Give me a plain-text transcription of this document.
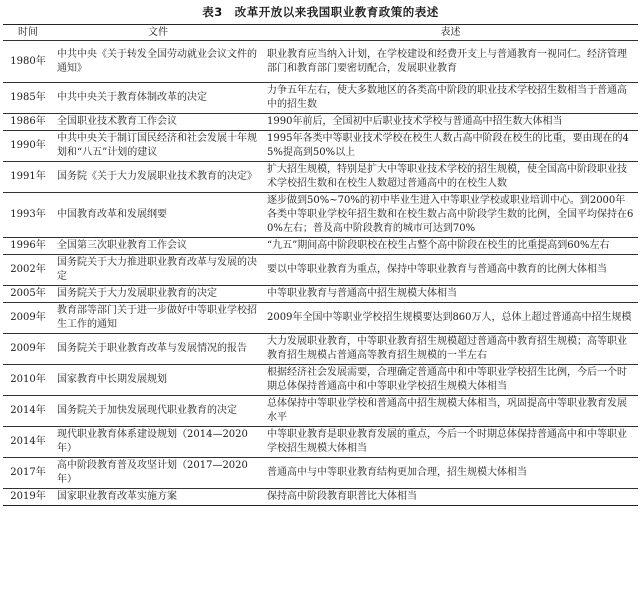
表3　改革开放以来我国职业教育政策的表述
时间	文件	表述
1980年	中共中央《关于转发全国劳动就业会议文件的通知》	职业教育应当纳入计划，在学校建设和经费开支上与普通教育一视同仁。经济管理部门和教育部门要密切配合，发展职业教育
1985年	中共中央关于教育体制改革的决定	力争五年左右，使大多数地区的各类高中阶段的职业技术学校招生数相当于普通高中的招生数
1986年	全国职业技术教育工作会议	1990年前后，全国初中后职业技术学校与普通高中招生数大体相当
1990年	中共中央关于制订国民经济和社会发展十年规划和“八五”计划的建议	1995年各类中等职业技术学校在校生人数占高中阶段在校生的比重，要由现在的45%提高到50%以上
1991年	国务院《关于大力发展职业技术教育的决定》	扩大招生规模，特别是扩大中等职业技术学校的招生规模，使全国高中阶段职业技术学校招生数和在校生人数超过普通高中的在校生人数
1993年	中国教育改革和发展纲要	逐步做到50%~70%的初中毕业生进入中等职业学校或职业培训中心。到2000年各类中等职业学校年招生数和在校生数占高中阶段学生数的比例，全国平均保持在60%左右；普及高中阶段教育的城市可达到70%
1996年	全国第三次职业教育工作会议	“九五”期间高中阶段职校在校生占整个高中阶段在校生的比重提高到60%左右
2002年	国务院关于大力推进职业教育改革与发展的决定	要以中等职业教育为重点，保持中等职业教育与普通高中教育的比例大体相当
2005年	国务院关于大力发展职业教育的决定	中等职业教育与普通高中招生规模大体相当
2009年	教育部等部门关于进一步做好中等职业学校招生工作的通知	2009年全国中等职业学校招生规模要达到860万人，总体上超过普通高中招生规模
2009年	国务院关于职业教育改革与发展情况的报告	大力发展职业教育，中等职业教育招生规模超过普通高中教育招生规模；高等职业教育招生规模占普通高等教育招生规模的一半左右
2010年	国家教育中长期发展规划	根据经济社会发展需要，合理确定普通高中和中等职业学校招生比例，今后一个时期总体保持普通高中和中等职业学校招生规模大体相当
2014年	国务院关于加快发展现代职业教育的决定	总体保持中等职业学校和普通高中招生规模大体相当，巩固提高中等职业教育发展水平
2014年	现代职业教育体系建设规划（2014—2020年）	中等职业教育是职业教育发展的重点，今后一个时期总体保持普通高中和中等职业学校招生规模大体相当
2017年	高中阶段教育普及攻坚计划（2017—2020年）	普通高中与中等职业教育结构更加合理，招生规模大体相当
2019年	国家职业教育改革实施方案	保持高中阶段教育职普比大体相当
